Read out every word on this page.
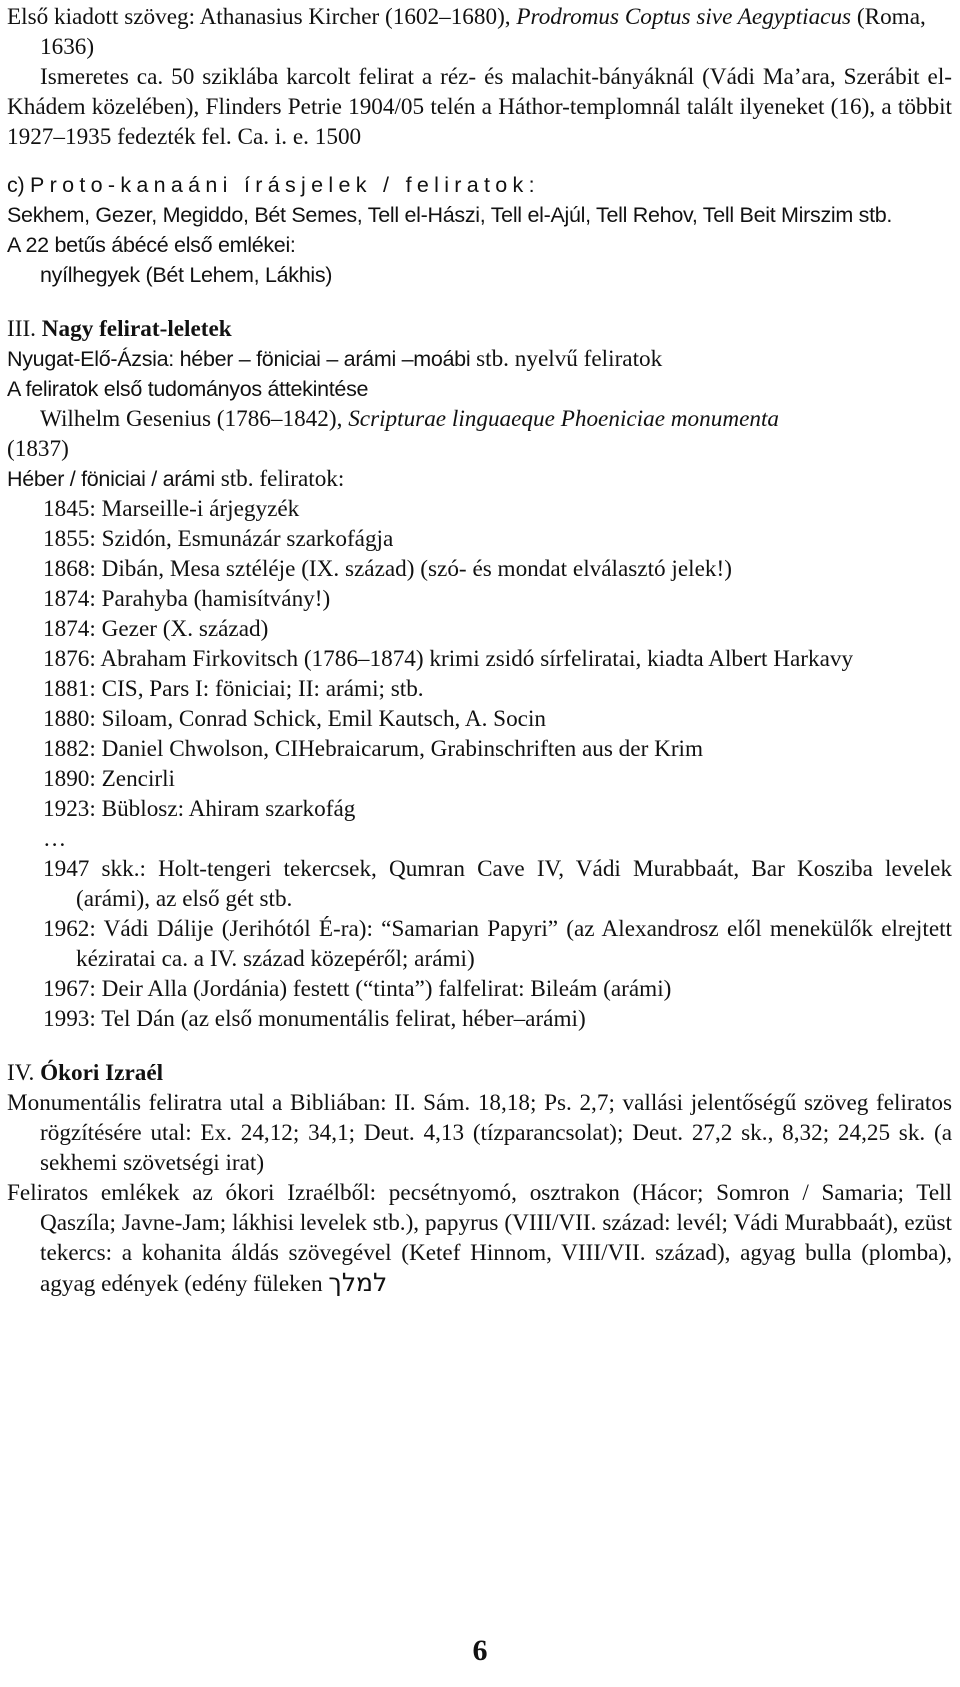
Első kiadott szöveg: Athanasius Kircher (1602–1680), Prodromus Coptus sive Aegyptiacus (Roma, 1636)

Ismeretes ca. 50 sziklába karcolt felirat a réz- és malachit-bányáknál (Vádi Ma’ara, Szerábit el-Khádem közelében), Flinders Petrie 1904/05 telén a Háthor-templomnál talált ilyeneket (16), a többit 1927–1935 fedezték fel. Ca. i. e. 1500

c) Proto-kanaáni írásjelek / feliratok:

Sekhem, Gezer, Megiddo, Bét Semes, Tell el-Hászi, Tell el-Ajúl, Tell Rehov, Tell Beit Mirszim stb.

A 22 betűs ábécé első emlékei:

nyílhegyek (Bét Lehem, Lákhis)

III. Nagy felirat-leletek

Nyugat-Elő-Ázsia: héber – föniciai – arámi –moábi stb. nyelvű feliratok

A feliratok első tudományos áttekintése

Wilhelm Gesenius (1786–1842), Scripturae linguaeque Phoeniciae monumenta

(1837)

Héber / föniciai / arámi stb. feliratok:

1845: Marseille-i árjegyzék

1855: Szidón, Esmunázár szarkofágja

1868: Dibán, Mesa sztéléje (IX. század) (szó- és mondat elválasztó jelek!)

1874: Parahyba (hamisítvány!)

1874: Gezer (X. század)

1876: Abraham Firkovitsch (1786–1874) krimi zsidó sírfeliratai, kiadta Albert Harkavy

1881: CIS, Pars I: föniciai; II: arámi; stb.

1880: Siloam, Conrad Schick, Emil Kautsch, A. Socin

1882: Daniel Chwolson, CIHebraicarum, Grabinschriften aus der Krim

1890: Zencirli

1923: Büblosz: Ahiram szarkofág

…

1947 skk.: Holt-tengeri tekercsek, Qumran Cave IV, Vádi Murabbaát, Bar Kosziba levelek (arámi), az első gét stb.

1962: Vádi Dálije (Jerihótól É-ra): “Samarian Papyri” (az Alexandrosz elől menekülők elrejtett kéziratai ca. a IV. század közepéről; arámi)

1967: Deir Alla (Jordánia) festett (“tinta”) falfelirat: Bileám (arámi)

1993: Tel Dán (az első monumentális felirat, héber–arámi)

IV. Ókori Izraél

Monumentális feliratra utal a Bibliában: II. Sám. 18,18; Ps. 2,7; vallási jelentőségű szöveg feliratos rögzítésére utal: Ex. 24,12; 34,1; Deut. 4,13 (tízparancsolat); Deut. 27,2 sk., 8,32; 24,25 sk. (a sekhemi szövetségi irat)

Feliratos emlékek az ókori Izraélből: pecsétnyomó, osztrakon (Hácor; Somron / Samaria; Tell Qaszíla; Javne-Jam; lákhisi levelek stb.), papyrus (VIII/VII. század: levél; Vádi Murabbaát), ezüst tekercs: a kohanita áldás szövegével (Ketef Hinnom, VIII/VII. század), agyag bulla (plomba), agyag edények (edény füleken למלך

6
